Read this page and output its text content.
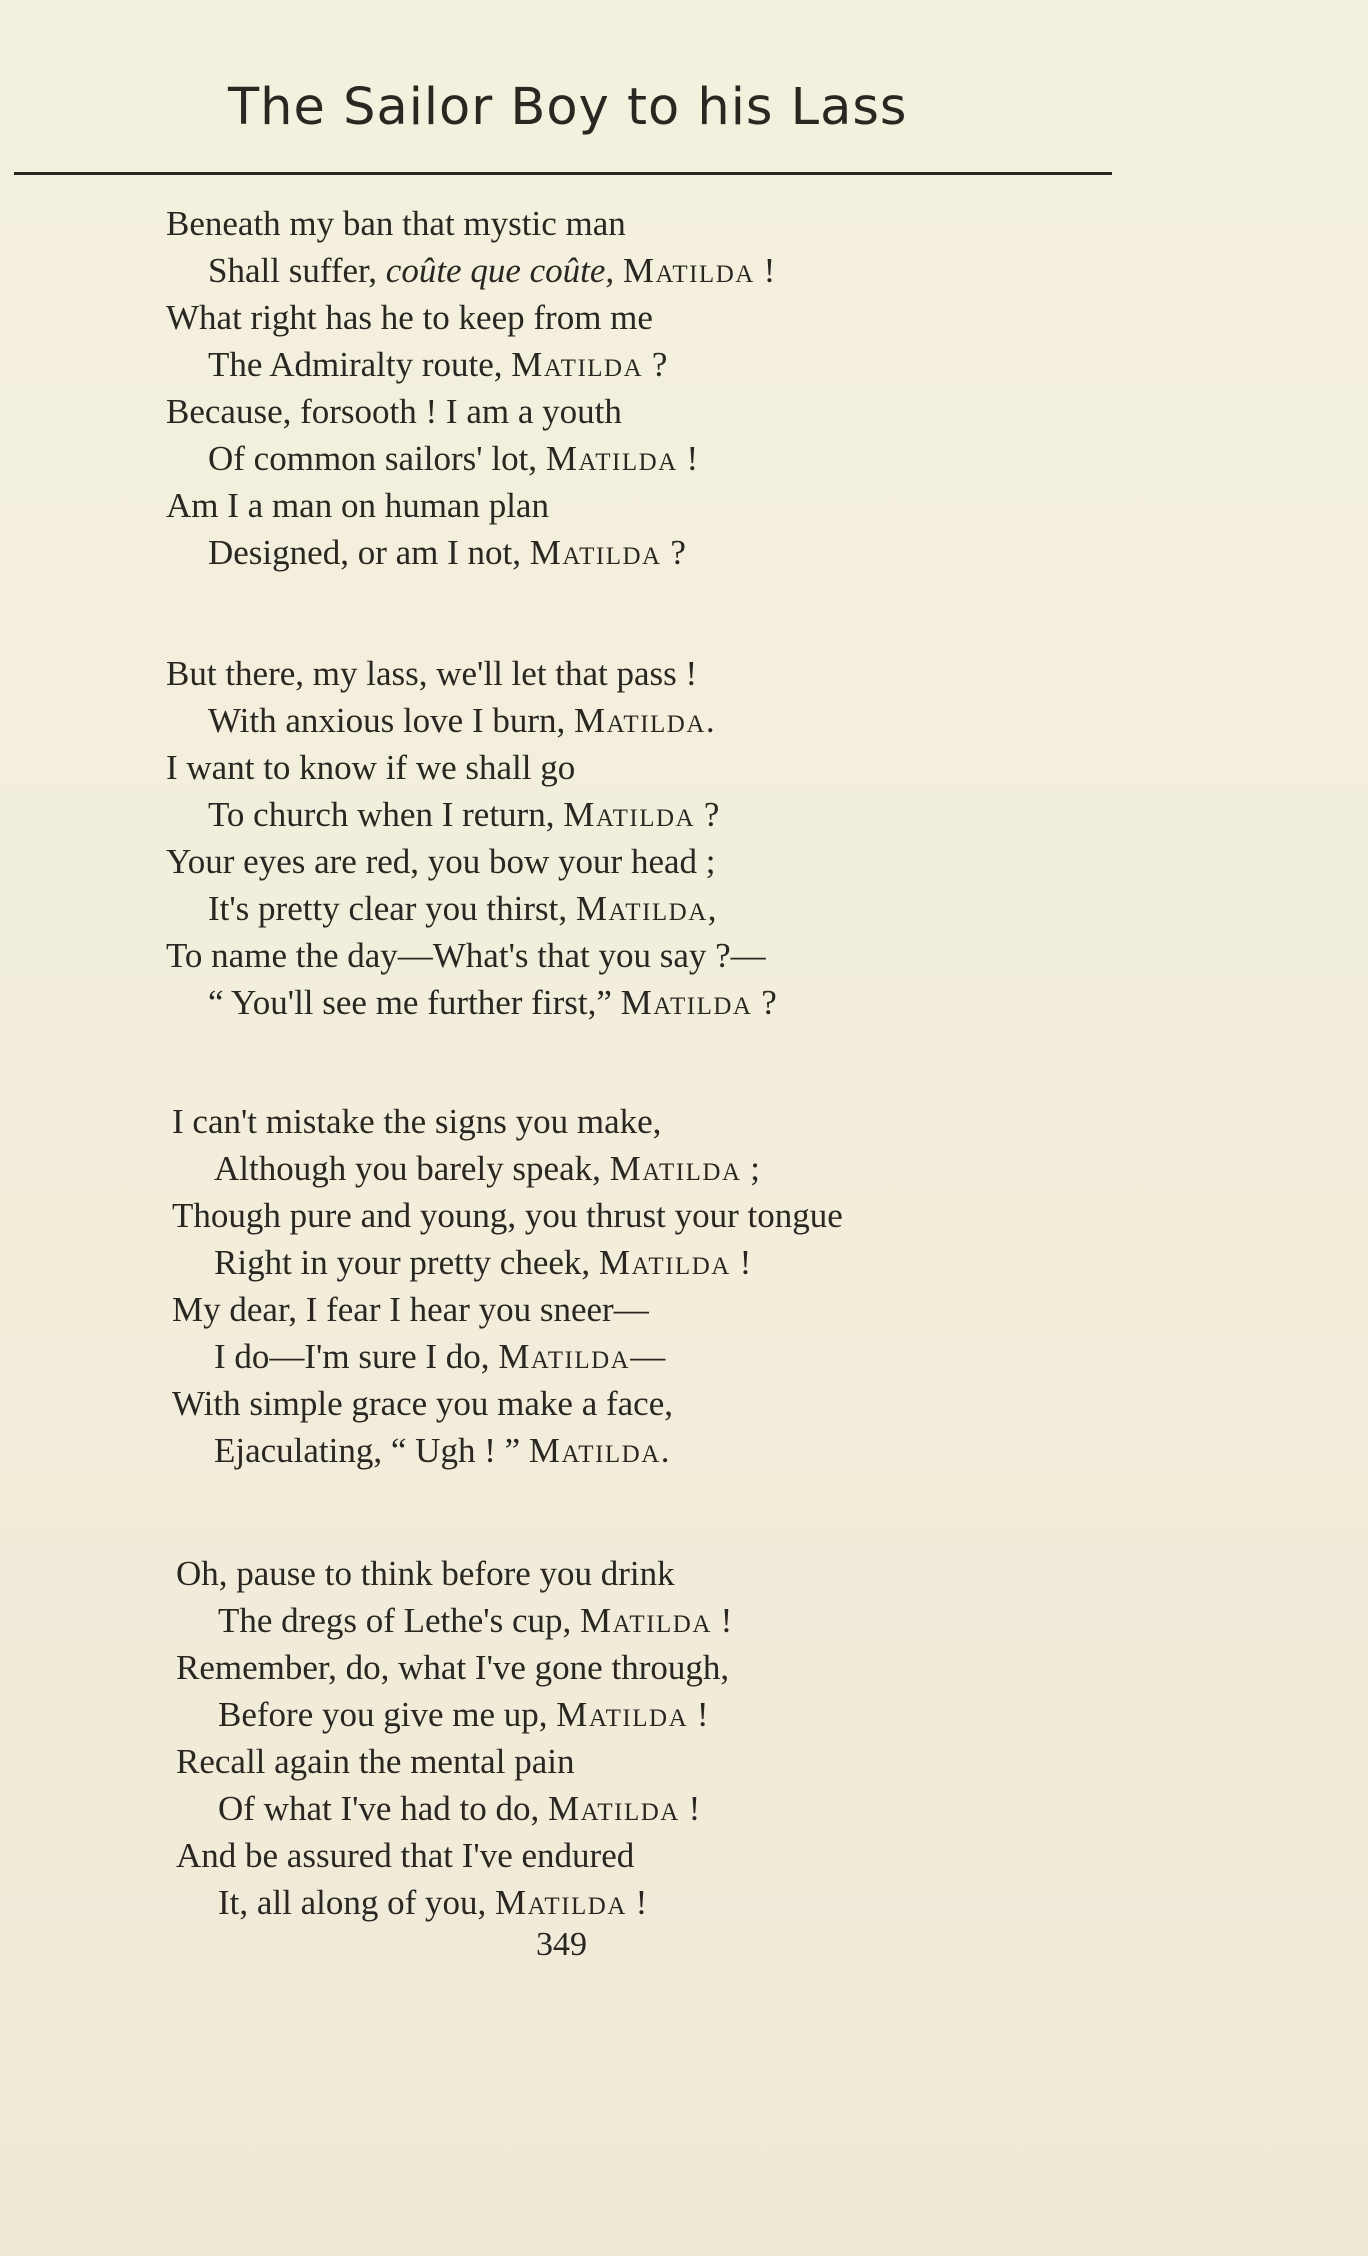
The Sailor Boy to his Lass
Beneath my ban that mystic man
Shall suffer, coûte que coûte, Matilda !
What right has he to keep from me
The Admiralty route, Matilda ?
Because, forsooth ! I am a youth
Of common sailors' lot, Matilda !
Am I a man on human plan
Designed, or am I not, Matilda ?
But there, my lass, we'll let that pass !
With anxious love I burn, Matilda.
I want to know if we shall go
To church when I return, Matilda ?
Your eyes are red, you bow your head ;
It's pretty clear you thirst, Matilda,
To name the day—What's that you say ?—
“ You'll see me further first,” Matilda ?
I can't mistake the signs you make,
Although you barely speak, Matilda ;
Though pure and young, you thrust your tongue
Right in your pretty cheek, Matilda !
My dear, I fear I hear you sneer—
I do—I'm sure I do, Matilda—
With simple grace you make a face,
Ejaculating, “ Ugh ! ” Matilda.
Oh, pause to think before you drink
The dregs of Lethe's cup, Matilda !
Remember, do, what I've gone through,
Before you give me up, Matilda !
Recall again the mental pain
Of what I've had to do, Matilda !
And be assured that I've endured
It, all along of you, Matilda !
349
